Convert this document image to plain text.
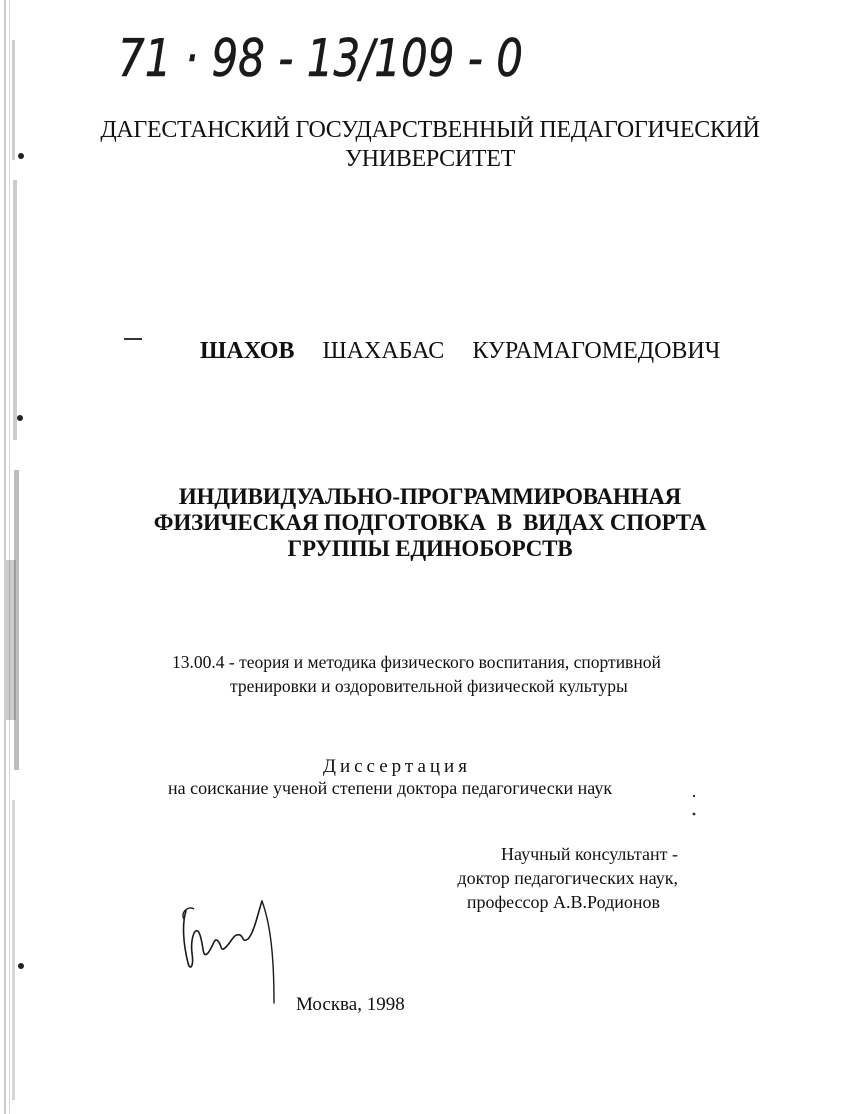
71 · 98 - 13/109 - 0
ДАГЕСТАНСКИЙ ГОСУДАРСТВЕННЫЙ ПЕДАГОГИЧЕСКИЙ
УНИВЕРСИТЕТ
ШАХОВ ШАХАБАС КУРАМАГОМЕДОВИЧ
ИНДИВИДУАЛЬНО-ПРОГРАММИРОВАННАЯ
ФИЗИЧЕСКАЯ ПОДГОТОВКА  В  ВИДАХ СПОРТА
ГРУППЫ ЕДИНОБОРСТВ
13.00.4 - теория и методика физического воспитания, спортивной
тренировки и оздоровительной физической культуры
Диссертация
на соискание ученой степени доктора педагогически наук
Научный консультант -
доктор педагогических наук,
профессор А.В.Родионов
Москва, 1998
